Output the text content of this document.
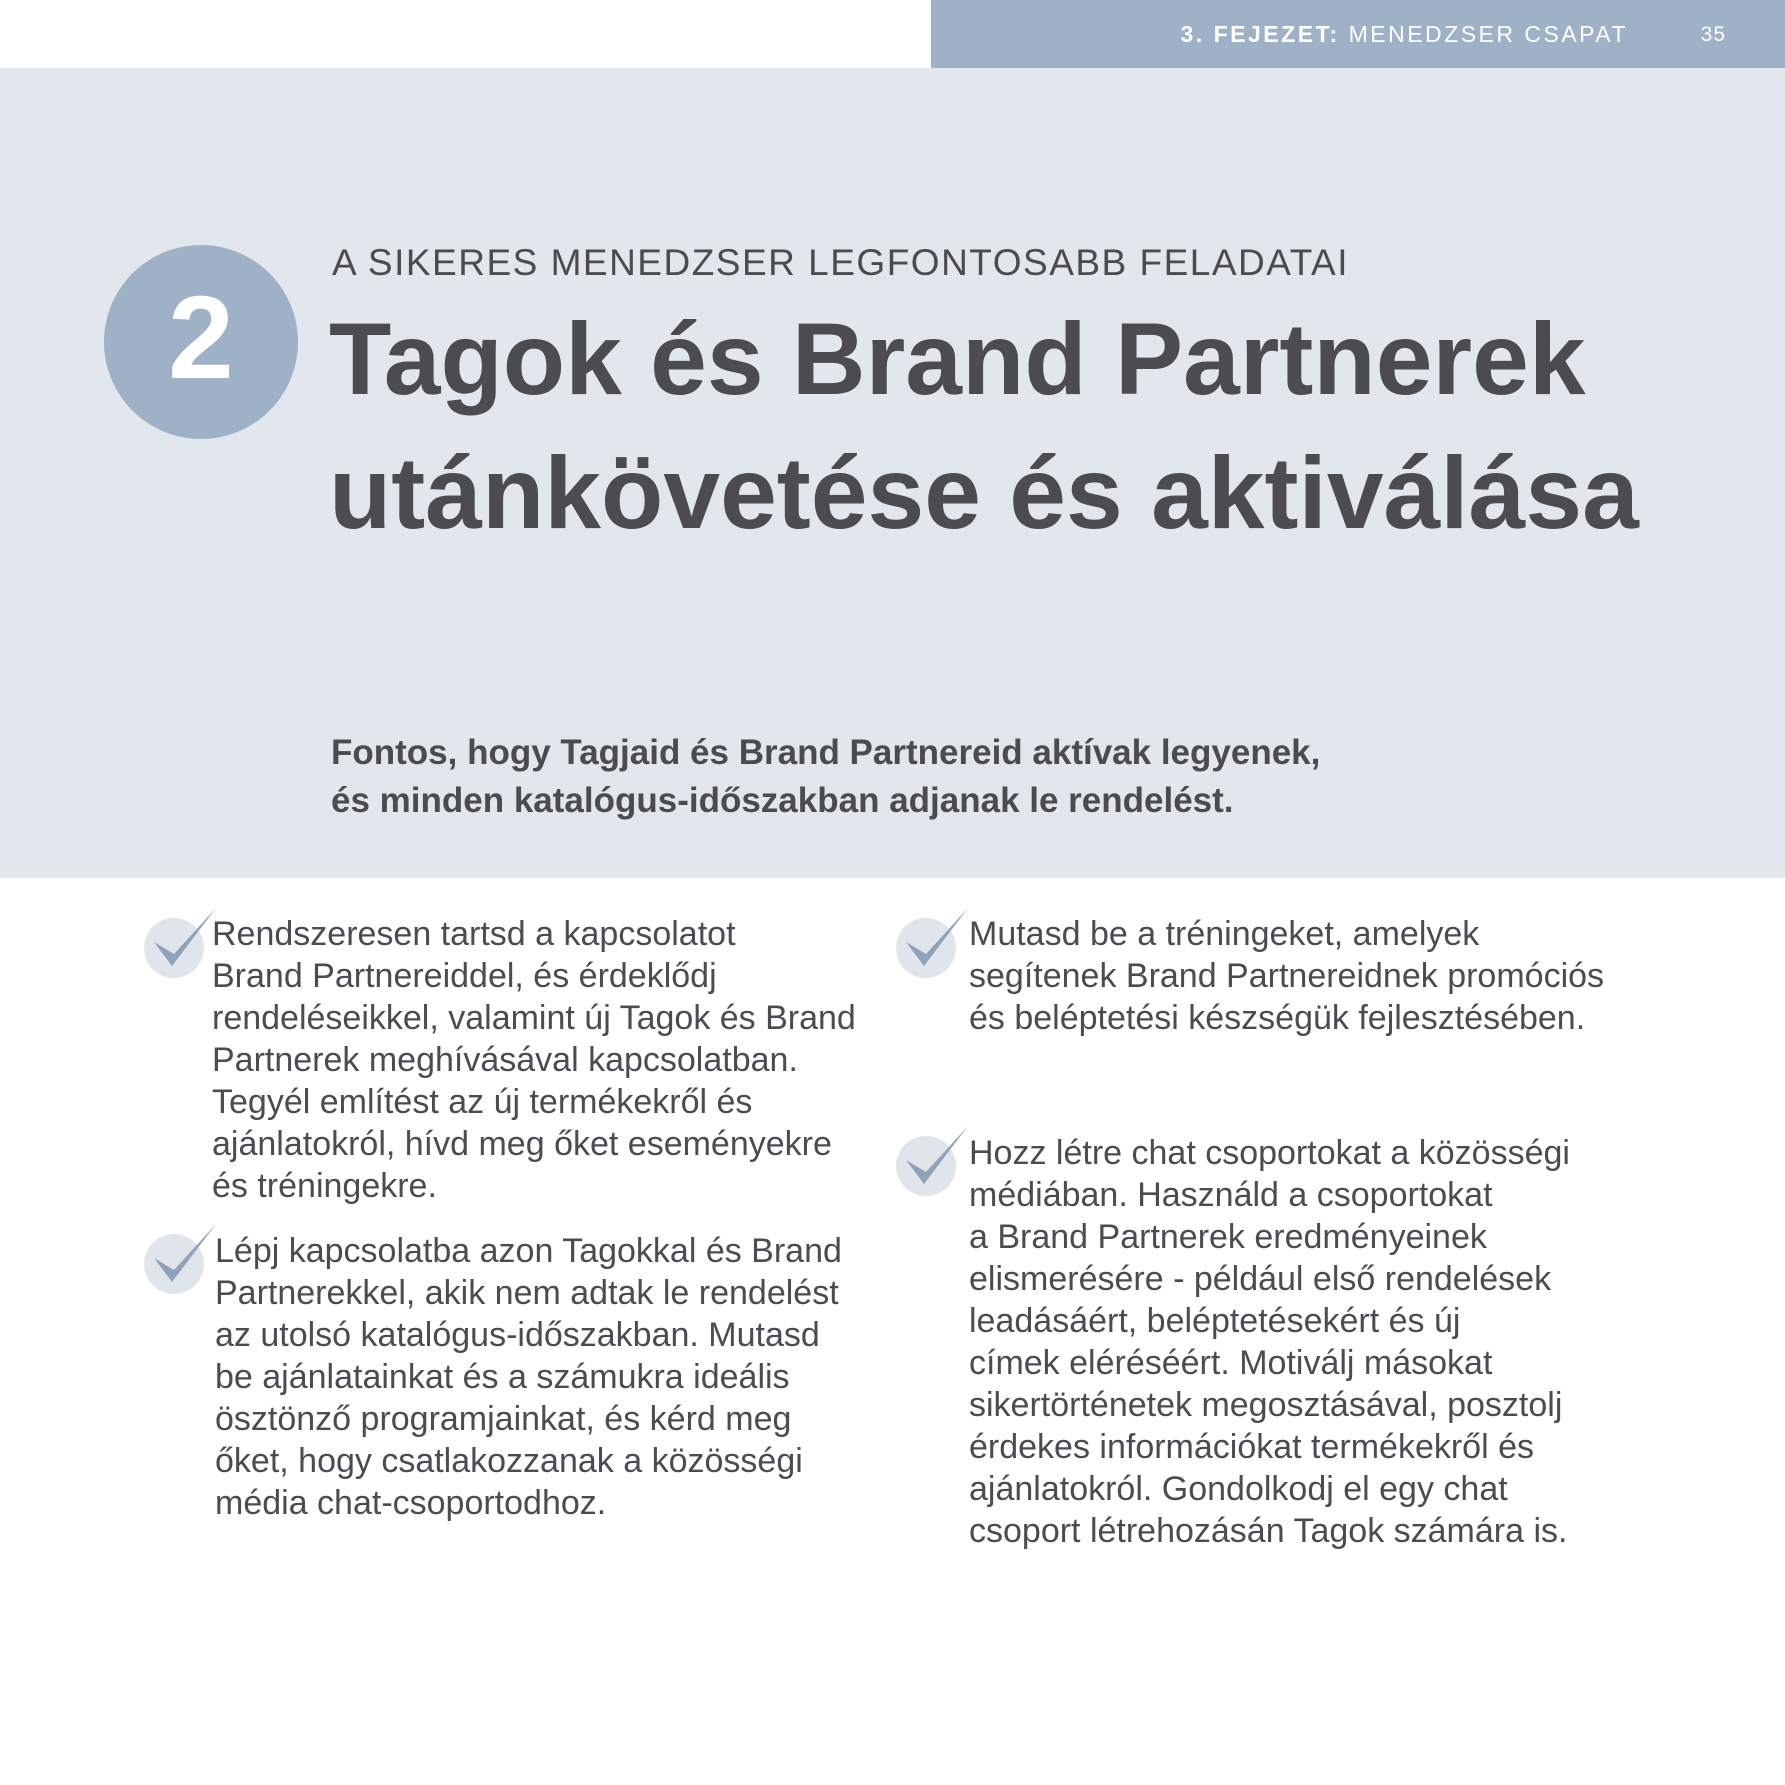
3. FEJEZET: MENEDZSER CSAPAT	35
2
A SIKERES MENEDZSER LEGFONTOSABB FELADATAI
Tagok és Brand Partnerek
utánkövetése és aktiválása
Fontos, hogy Tagjaid és Brand Partnereid aktívak legyenek,
és minden katalógus-időszakban adjanak le rendelést.
Rendszeresen tartsd a kapcsolatot
Brand Partnereiddel, és érdeklődj
rendeléseikkel, valamint új Tagok és Brand
Partnerek meghívásával kapcsolatban.
Tegyél említést az új termékekről és
ajánlatokról, hívd meg őket eseményekre
és tréningekre.
Lépj kapcsolatba azon Tagokkal és Brand
Partnerekkel, akik nem adtak le rendelést
az utolsó katalógus-időszakban. Mutasd
be ajánlatainkat és a számukra ideális
ösztönző programjainkat, és kérd meg
őket, hogy csatlakozzanak a közösségi
média chat-csoportodhoz.
Mutasd be a tréningeket, amelyek
segítenek Brand Partnereidnek promóciós
és beléptetési készségük fejlesztésében.
Hozz létre chat csoportokat a közösségi
médiában. Használd a csoportokat
a Brand Partnerek eredményeinek
elismerésére - például első rendelések
leadásáért, beléptetésekért és új
címek eléréséért. Motiválj másokat
sikertörténetek megosztásával, posztolj
érdekes információkat termékekről és
ajánlatokról. Gondolkodj el egy chat
csoport létrehozásán Tagok számára is.
